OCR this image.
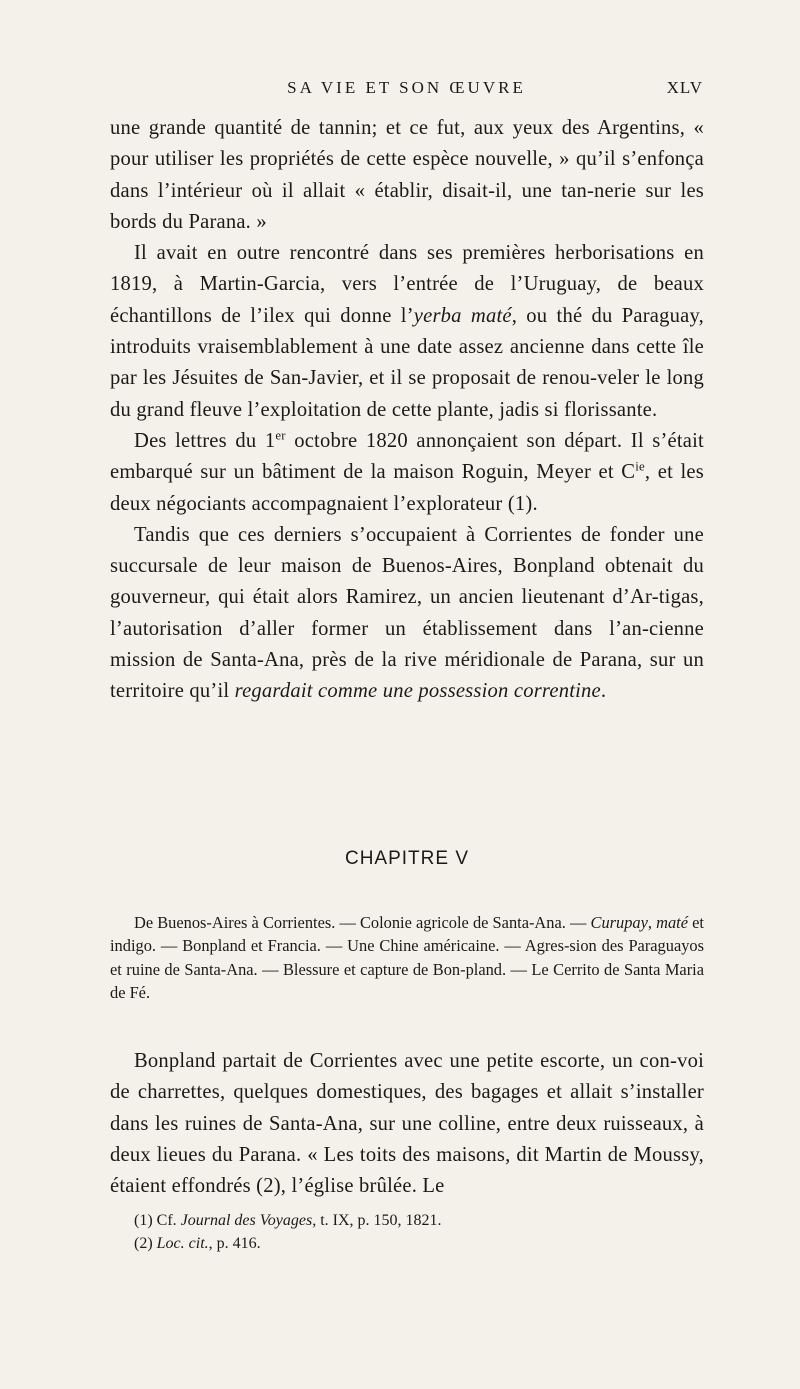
SA VIE ET SON ŒUVRE	XLV

une grande quantité de tannin; et ce fut, aux yeux des Argentins, « pour utiliser les propriétés de cette espèce nouvelle, » qu’il s’enfonça dans l’intérieur où il allait « établir, disait-il, une tan-nerie sur les bords du Parana. »

Il avait en outre rencontré dans ses premières herborisations en 1819, à Martin-Garcia, vers l’entrée de l’Uruguay, de beaux échantillons de l’ilex qui donne l’yerba maté, ou thé du Paraguay, introduits vraisemblablement à une date assez ancienne dans cette île par les Jésuites de San-Javier, et il se proposait de renou-veler le long du grand fleuve l’exploitation de cette plante, jadis si florissante.

Des lettres du 1er octobre 1820 annonçaient son départ. Il s’était embarqué sur un bâtiment de la maison Roguin, Meyer et $C^{ie}$, et les deux négociants accompagnaient l’explorateur (1).

Tandis que ces derniers s’occupaient à Corrientes de fonder une succursale de leur maison de Buenos-Aires, Bonpland obtenait du gouverneur, qui était alors Ramirez, un ancien lieutenant d’Ar-tigas, l’autorisation d’aller former un établissement dans l’an-cienne mission de Santa-Ana, près de la rive méridionale de Parana, sur un territoire qu’il regardait comme une possession correntine.

CHAPITRE V
De Buenos-Aires à Corrientes. — Colonie agricole de Santa-Ana. — Curupay, maté et indigo. — Bonpland et Francia. — Une Chine américaine. — Agres-sion des Paraguayos et ruine de Santa-Ana. — Blessure et capture de Bon-pland. — Le Cerrito de Santa Maria de Fé.
Bonpland partait de Corrientes avec une petite escorte, un con-voi de charrettes, quelques domestiques, des bagages et allait s’installer dans les ruines de Santa-Ana, sur une colline, entre deux ruisseaux, à deux lieues du Parana. « Les toits des maisons, dit Martin de Moussy, étaient effondrés (2), l’église brûlée. Le
(1) Cf. Journal des Voyages, t. IX, p. 150, 1821.
(2) Loc. cit., p. 416.
